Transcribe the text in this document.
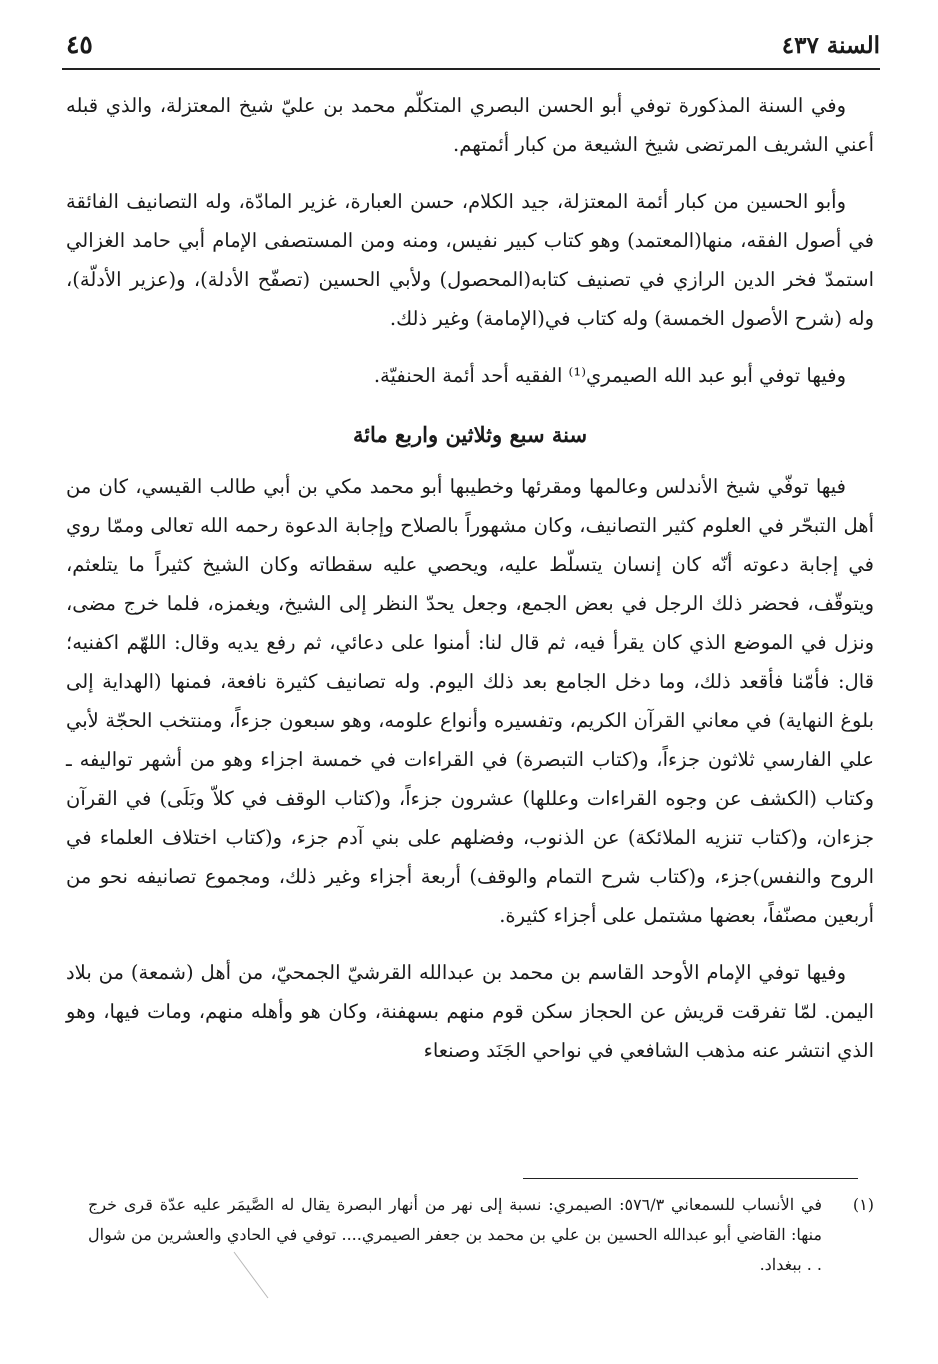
السنة ٤٣٧
٤٥

وفي السنة المذكورة توفي أبو الحسن البصري المتكلّم محمد بن عليّ شيخ المعتزلة، والذي قبله أعني الشريف المرتضى شيخ الشيعة من كبار أئمتهم.

وأبو الحسين من كبار أئمة المعتزلة، جيد الكلام، حسن العبارة، غزير المادّة، وله التصانيف الفائقة في أصول الفقه، منها(المعتمد) وهو كتاب كبير نفيس، ومنه ومن المستصفى الإمام أبي حامد الغزالي استمدّ فخر الدين الرازي في تصنيف كتابه(المحصول) ولأبي الحسين (تصفّح الأدلة)، و(عزير الأدلّة)، وله (شرح الأصول الخمسة) وله كتاب في(الإمامة) وغير ذلك.

وفيها توفي أبو عبد الله الصيمري⁽¹⁾ الفقيه أحد أئمة الحنفيّة.

سنة سبع وثلاثين واربع مائة

فيها توفّي شيخ الأندلس وعالمها ومقرئها وخطيبها أبو محمد مكي بن أبي طالب القيسي، كان من أهل التبحّر في العلوم كثير التصانيف، وكان مشهوراً بالصلاح وإجابة الدعوة رحمه الله تعالى وممّا روي في إجابة دعوته أنّه كان إنسان يتسلّط عليه، ويحصي عليه سقطاته وكان الشيخ كثيراً ما يتلعثم، ويتوقّف، فحضر ذلك الرجل في بعض الجمع، وجعل يحدّ النظر إلى الشيخ، ويغمزه، فلما خرج مضى، ونزل في الموضع الذي كان يقرأ فيه، ثم قال لنا: أمنوا على دعائي، ثم رفع يديه وقال: اللهّم اكفنيه؛ قال: فأمّنا فأقعد ذلك، وما دخل الجامع بعد ذلك اليوم. وله تصانيف كثيرة نافعة، فمنها (الهداية إلى بلوغ النهاية) في معاني القرآن الكريم، وتفسيره وأنواع علومه، وهو سبعون جزءاً، ومنتخب الحجّة لأبي علي الفارسي ثلاثون جزءاً، و(كتاب التبصرة) في القراءات في خمسة اجزاء وهو من أشهر تواليفه ـ وكتاب (الكشف عن وجوه القراءات وعللها) عشرون جزءاً، و(كتاب الوقف في كلاّ وبَلَى) في القرآن جزءان، و(كتاب تنزيه الملائكة) عن الذنوب، وفضلهم على بني آدم جزء، و(كتاب اختلاف العلماء في الروح والنفس)جزء، و(كتاب شرح التمام والوقف) أربعة أجزاء وغير ذلك، ومجموع تصانيفه نحو من أربعين مصنّفاً، بعضها مشتمل على أجزاء كثيرة.

وفيها توفي الإمام الأوحد القاسم بن محمد بن عبدالله القرشيّ الجمحيّ، من أهل (شمعة) من بلاد اليمن. لمّا تفرقت قريش عن الحجاز سكن قوم منهم بسهفنة، وكان هو وأهله منهم، ومات فيها، وهو الذي انتشر عنه مذهب الشافعي في نواحي الجَنَد وصنعاء

(١)
في الأنساب للسمعاني ٥٧٦/٣: الصيمري: نسبة إلى نهر من أنهار البصرة يقال له الصَّيمَر عليه عدّة قرى خرج منها: القاضي أبو عبدالله الحسين بن علي بن محمد بن جعفر الصيمري.... توفي في الحادي والعشرين من شوال . . ببغداد.
